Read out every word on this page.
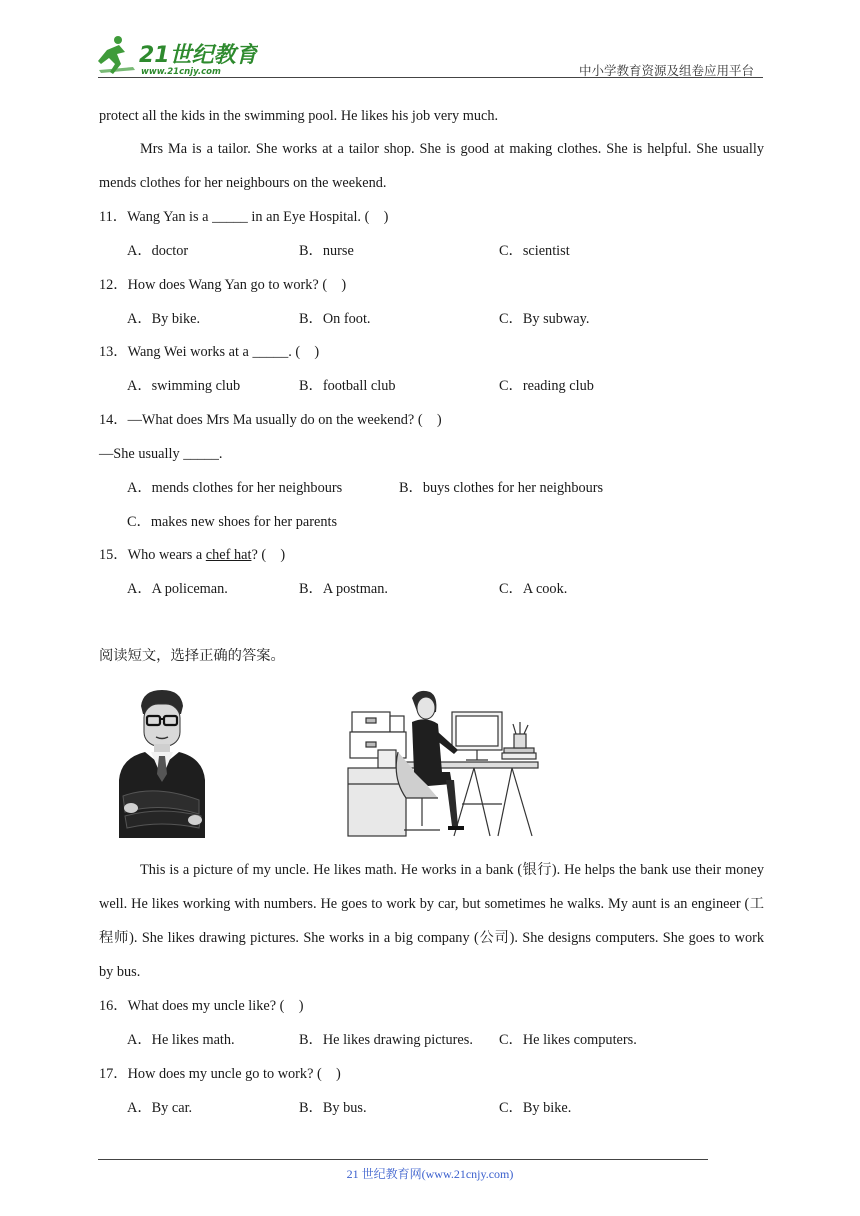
21世纪教育
www.21cnjy.com	中小学教育资源及组卷应用平台
protect all the kids in the swimming pool. He likes his job very much.
Mrs Ma is a tailor. She works at a tailor shop. She is good at making clothes. She is helpful. She usually mends clothes for her neighbours on the weekend.
11．Wang Yan is a _____ in an Eye Hospital. (　)
A．doctor	B．nurse	C．scientist
12．How does Wang Yan go to work? (　)
A．By bike.	B．On foot.	C．By subway.
13．Wang Wei works at a _____. (　)
A．swimming club	B．football club	C．reading club
14．—What does Mrs Ma usually do on the weekend? (　)
—She usually _____.
A．mends clothes for her neighbours	B．buys clothes for her neighbours
C．makes new shoes for her parents
15．Who wears a chef hat? (　)
A．A policeman.	B．A postman.	C．A cook.
阅读短文，选择正确的答案。
This is a picture of my uncle. He likes math. He works in a bank (银行). He helps the bank use their money well. He likes working with numbers. He goes to work by car, but sometimes he walks. My aunt is an engineer (工程师). She likes drawing pictures. She works in a big company (公司). She designs computers. She goes to work by bus.
16．What does my uncle like? (　)
A．He likes math.	B．He likes drawing pictures. C．He likes computers.
17．How does my uncle go to work? (　)
A．By car.	B．By bus.	C．By bike.
21 世纪教育网(www.21cnjy.com)
